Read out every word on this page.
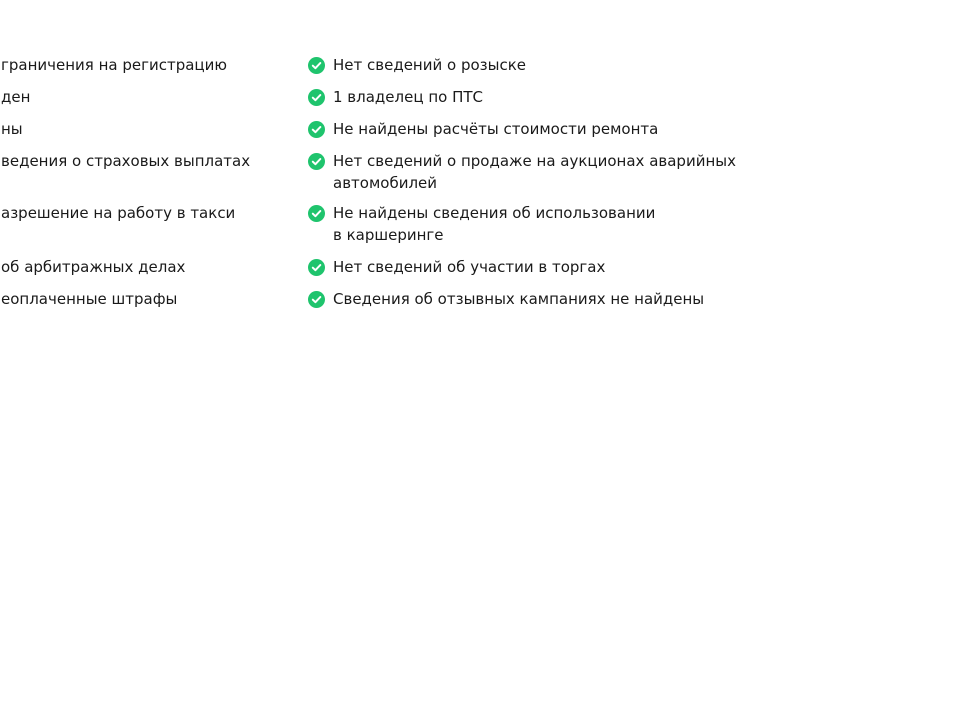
граничения на регистрацию
ден
ны
ведения о страховых выплатах
азрешение на работу в такси
об арбитражных делах
еоплаченные штрафы
Нет сведений о розыске
1 владелец по ПТС
Не найдены расчёты стоимости ремонта
Нет сведений о продаже на аукционах аварийных
автомобилей
Не найдены сведения об использовании
в каршеринге
Нет сведений об участии в торгах
Сведения об отзывных кампаниях не найдены
